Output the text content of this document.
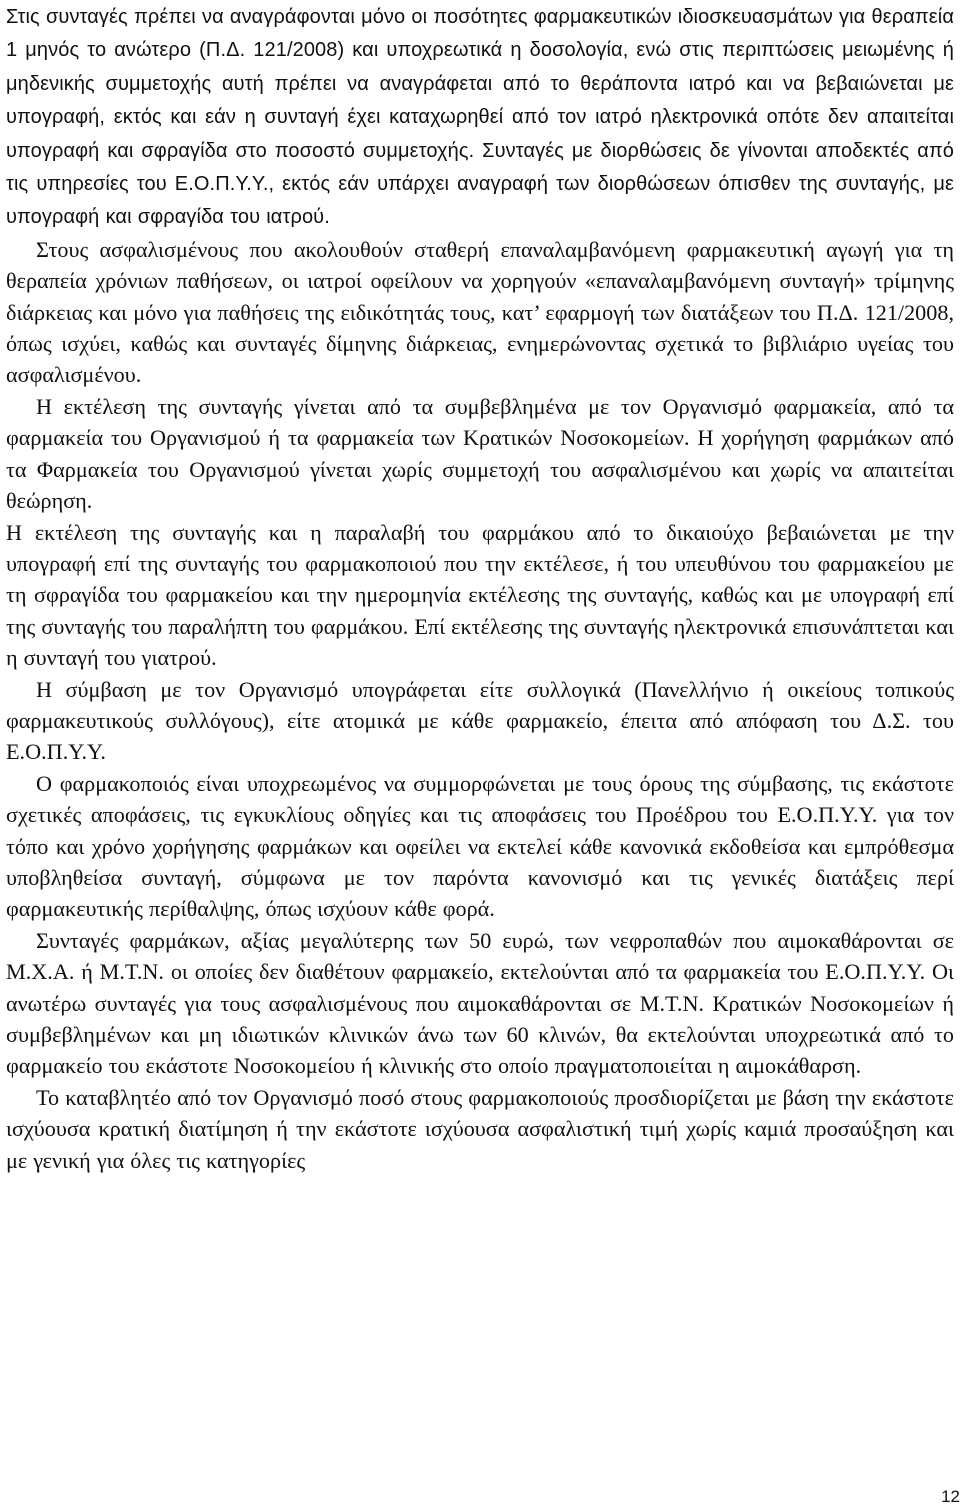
Στις συνταγές πρέπει να αναγράφονται μόνο οι ποσότητες φαρμακευτικών ιδιοσκευασμάτων για θεραπεία 1 μηνός το ανώτερο (Π.Δ. 121/2008) και υποχρεωτικά η δοσολογία, ενώ στις περιπτώσεις μειωμένης ή μηδενικής συμμετοχής αυτή πρέπει να αναγράφεται από το θεράποντα ιατρό και να βεβαιώνεται με υπογραφή, εκτός και εάν η συνταγή έχει καταχωρηθεί από τον ιατρό ηλεκτρονικά οπότε δεν απαιτείται υπογραφή και σφραγίδα στο ποσοστό συμμετοχής. Συνταγές με διορθώσεις δε γίνονται αποδεκτές από τις υπηρεσίες του Ε.Ο.Π.Υ.Υ., εκτός εάν υπάρχει αναγραφή των διορθώσεων όπισθεν της συνταγής, με υπογραφή και σφραγίδα του ιατρού.

Στους ασφαλισμένους που ακολουθούν σταθερή επαναλαμβανόμενη φαρμακευτική αγωγή για τη θεραπεία χρόνιων παθήσεων, οι ιατροί οφείλουν να χορηγούν «επαναλαμβανόμενη συνταγή» τρίμηνης διάρκειας και μόνο για παθήσεις της ειδικότητάς τους, κατ’ εφαρμογή των διατάξεων του Π.Δ. 121/2008, όπως ισχύει, καθώς και συνταγές δίμηνης διάρκειας, ενημερώνοντας σχετικά το βιβλιάριο υγείας του ασφαλισμένου.

Η εκτέλεση της συνταγής γίνεται από τα συμβεβλημένα με τον Οργανισμό φαρμακεία, από τα φαρμακεία του Οργανισμού ή τα φαρμακεία των Κρατικών Νοσοκομείων. Η χορήγηση φαρμάκων από τα Φαρμακεία του Οργανισμού γίνεται χωρίς συμμετοχή του ασφαλισμένου και χωρίς να απαιτείται θεώρηση.

Η εκτέλεση της συνταγής και η παραλαβή του φαρμάκου από το δικαιούχο βεβαιώνεται με την υπογραφή επί της συνταγής του φαρμακοποιού που την εκτέλεσε, ή του υπευθύνου του φαρμακείου με τη σφραγίδα του φαρμακείου και την ημερομηνία εκτέλεσης της συνταγής, καθώς και με υπογραφή επί της συνταγής του παραλήπτη του φαρμάκου. Επί εκτέλεσης της συνταγής ηλεκτρονικά επισυνάπτεται και η συνταγή του γιατρού.

Η σύμβαση με τον Οργανισμό υπογράφεται είτε συλλογικά (Πανελλήνιο ή οικείους τοπικούς φαρμακευτικούς συλλόγους), είτε ατομικά με κάθε φαρμακείο, έπειτα από απόφαση του Δ.Σ. του Ε.Ο.Π.Υ.Υ.

Ο φαρμακοποιός είναι υποχρεωμένος να συμμορφώνεται με τους όρους της σύμβασης, τις εκάστοτε σχετικές αποφάσεις, τις εγκυκλίους οδηγίες και τις αποφάσεις του Προέδρου του Ε.Ο.Π.Υ.Υ. για τον τόπο και χρόνο χορήγησης φαρμάκων και οφείλει να εκτελεί κάθε κανονικά εκδοθείσα και εμπρόθεσμα υποβληθείσα συνταγή, σύμφωνα με τον παρόντα κανονισμό και τις γενικές διατάξεις περί φαρμακευτικής περίθαλψης, όπως ισχύουν κάθε φορά.

Συνταγές φαρμάκων, αξίας μεγαλύτερης των 50 ευρώ, των νεφροπαθών που αιμοκαθάρονται σε Μ.Χ.Α. ή Μ.Τ.Ν. οι οποίες δεν διαθέτουν φαρμακείο, εκτελούνται από τα φαρμακεία του Ε.Ο.Π.Υ.Υ. Οι ανωτέρω συνταγές για τους ασφαλισμένους που αιμοκαθάρονται σε Μ.Τ.Ν. Κρατικών Νοσοκομείων ή συμβεβλημένων και μη ιδιωτικών κλινικών άνω των 60 κλινών, θα εκτελούνται υποχρεωτικά από το φαρμακείο του εκάστοτε Νοσοκομείου ή κλινικής στο οποίο πραγματοποιείται η αιμοκάθαρση.

Το καταβλητέο από τον Οργανισμό ποσό στους φαρμακοποιούς προσδιορίζεται με βάση την εκάστοτε ισχύουσα κρατική διατίμηση ή την εκάστοτε ισχύουσα ασφαλιστική τιμή χωρίς καμιά προσαύξηση και με γενική για όλες τις κατηγορίες

12
